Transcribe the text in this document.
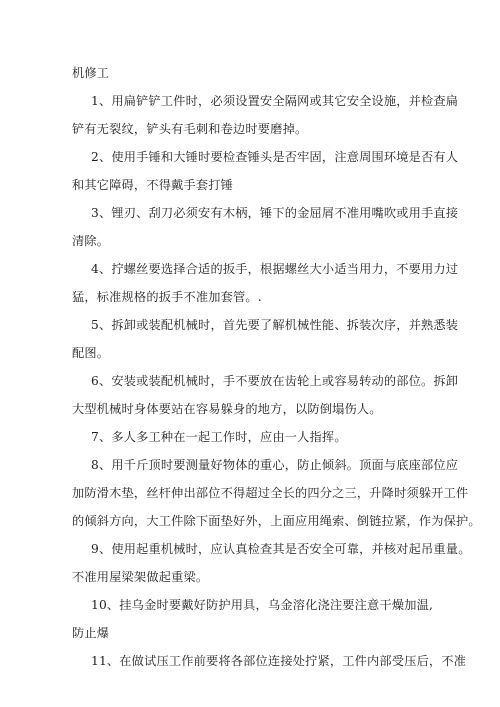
机修工
1、用扁铲铲工件时，必须设置安全隔网或其它安全设施，并检查扁
铲有无裂纹，铲头有毛刺和卷边时要磨掉。
2、使用手锤和大锤时要检查锤头是否牢固，注意周围环境是否有人
和其它障碍，不得戴手套打锤
3、锂刃、刮刀必须安有木柄，锤下的金屈屑不准用嘴吹或用手直接
清除。
4、拧螺丝要选择合适的扳手，根据螺丝大小适当用力，不要用力过
猛，标准规格的扳手不准加套管。.
5、拆卸或装配机械时，首先要了解机械性能、拆装次序，并熟悉装
配图。
6、安装或装配机械时，手不要放在齿轮上或容易转动的部位。拆卸
大型机械时身体要站在容易躲身的地方，以防倒塌伤人。
7、多人多工种在一起工作时，应由一人指挥。
8、用千斤顶时要测量好物体的重心，防止倾斜。顶面与底座部位应
加防滑木垫，丝杆伸出部位不得超过全长的四分之三，升降时须躲开工件
的倾斜方向，大工件除下面垫好外，上面应用绳索、倒链拉紧，作为保护。
9、使用起重机械时，应认真检查其是否安全可靠，并核对起吊重量。
不准用屋梁架做起重梁。
10、挂乌金时要戴好防护用具，乌金溶化浇注要注意干燥加温,
防止爆
11、在做试压工作前要将各部位连接处拧紧，工件内部受压后，不准
